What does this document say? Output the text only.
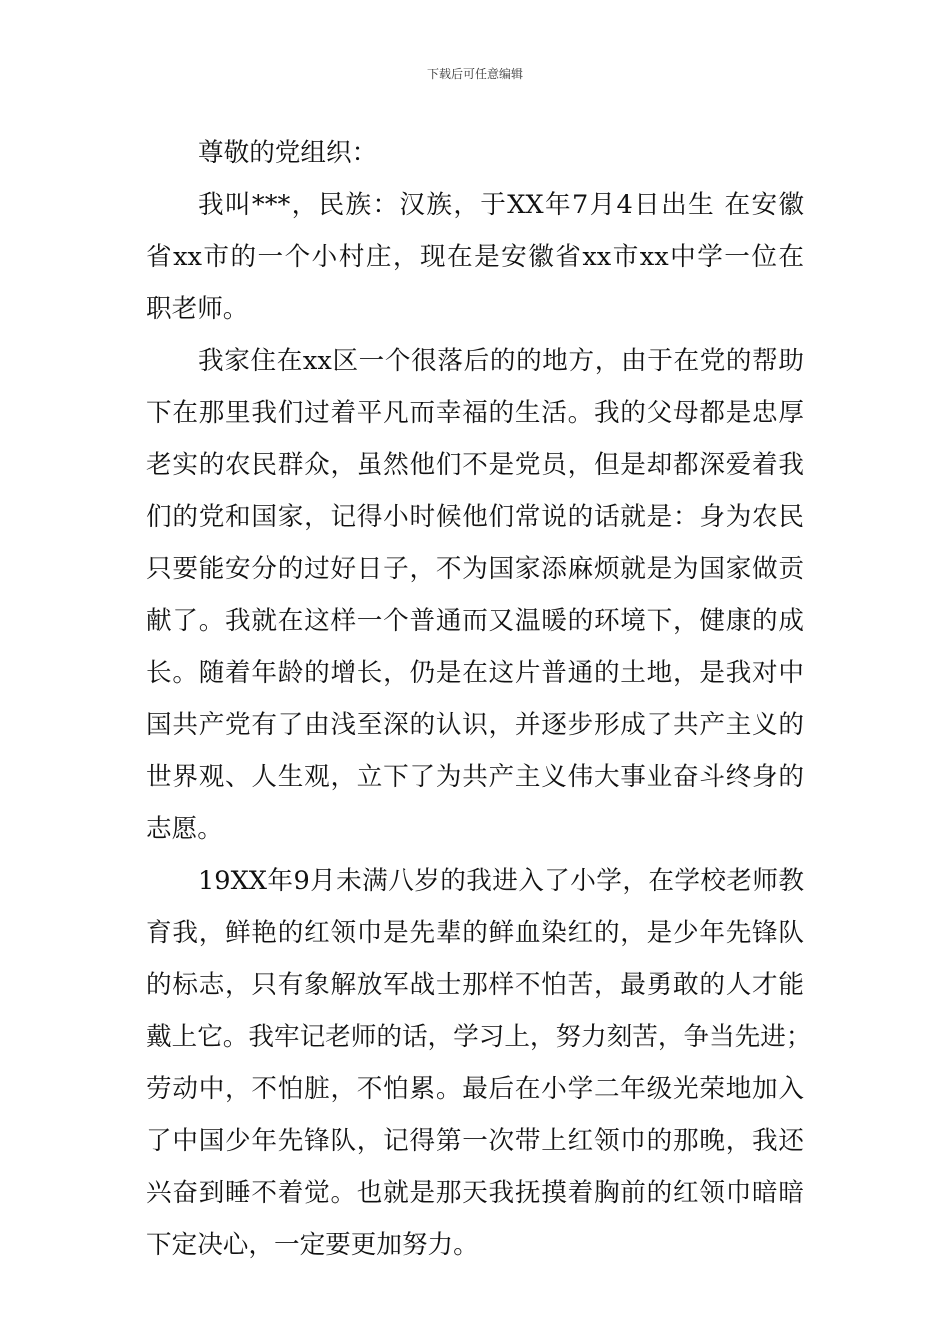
下载后可任意编辑
尊敬的党组织：
我叫***，民族：汉族，于XX年7月4日出生 在安徽
省xx市的一个小村庄，现在是安徽省xx市xx中学一位在
职老师。
我家住在xx区一个很落后的的地方，由于在党的帮助
下在那里我们过着平凡而幸福的生活。我的父母都是忠厚
老实的农民群众，虽然他们不是党员，但是却都深爱着我
们的党和国家，记得小时候他们常说的话就是：身为农民
只要能安分的过好日子，不为国家添麻烦就是为国家做贡
献了。我就在这样一个普通而又温暖的环境下，健康的成
长。随着年龄的增长，仍是在这片普通的土地，是我对中
国共产党有了由浅至深的认识，并逐步形成了共产主义的
世界观、人生观，立下了为共产主义伟大事业奋斗终身的
志愿。
19XX年9月未满八岁的我进入了小学，在学校老师教
育我，鲜艳的红领巾是先辈的鲜血染红的，是少年先锋队
的标志，只有象解放军战士那样不怕苦，最勇敢的人才能
戴上它。我牢记老师的话，学习上，努力刻苦，争当先进；
劳动中，不怕脏，不怕累。最后在小学二年级光荣地加入
了中国少年先锋队，记得第一次带上红领巾的那晚，我还
兴奋到睡不着觉。也就是那天我抚摸着胸前的红领巾暗暗
下定决心，一定要更加努力。
